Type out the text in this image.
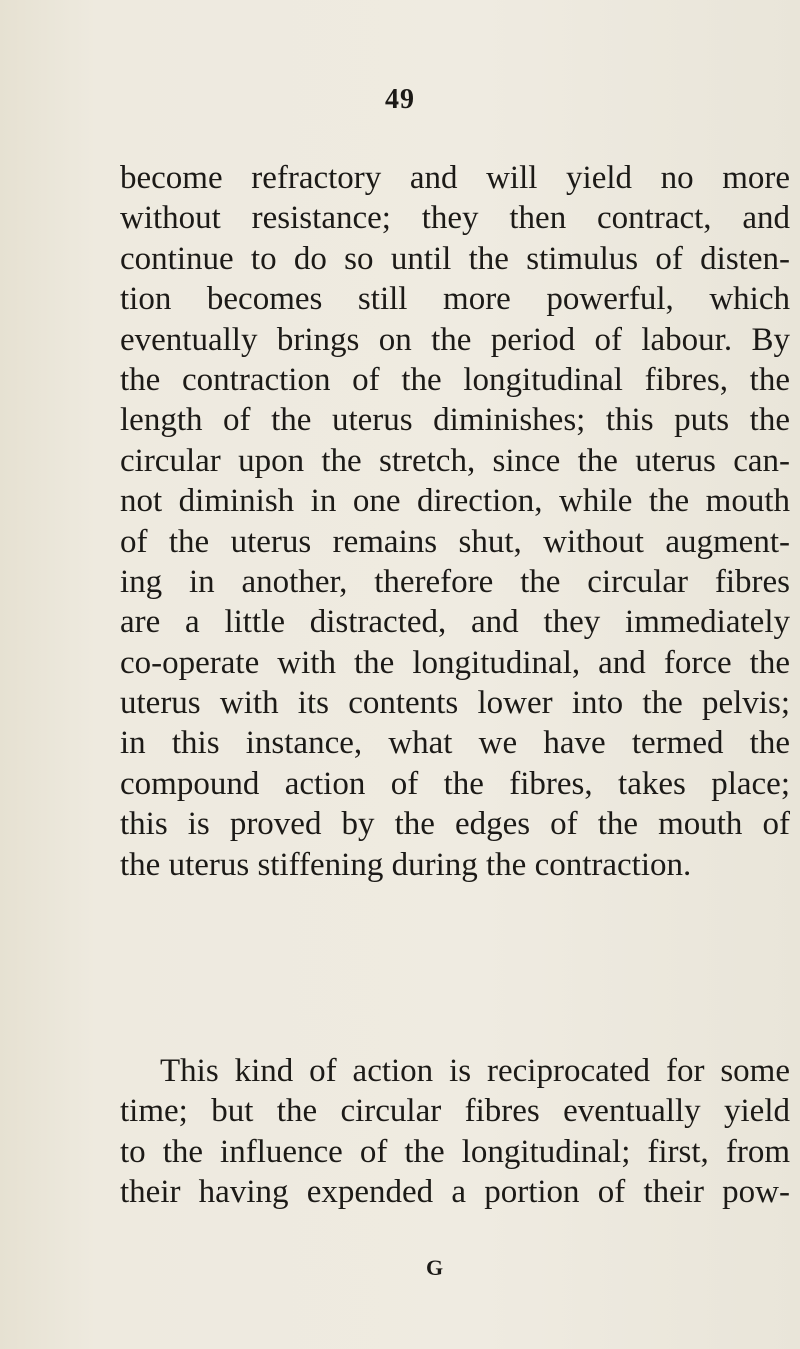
49
become refractory and will yield no more
without resistance; they then contract, and
continue to do so until the stimulus of disten-
tion becomes still more powerful, which
eventually brings on the period of labour. By
the contraction of the longitudinal fibres, the
length of the uterus diminishes; this puts the
circular upon the stretch, since the uterus can-
not diminish in one direction, while the mouth
of the uterus remains shut, without augment-
ing in another, therefore the circular fibres
are a little distracted, and they immediately
co-operate with the longitudinal, and force the
uterus with its contents lower into the pelvis;
in this instance, what we have termed the
compound action of the fibres, takes place;
this is proved by the edges of the mouth of
the uterus stiffening during the contraction.
This kind of action is reciprocated for some
time; but the circular fibres eventually yield
to the influence of the longitudinal; first, from
their having expended a portion of their pow-
G
